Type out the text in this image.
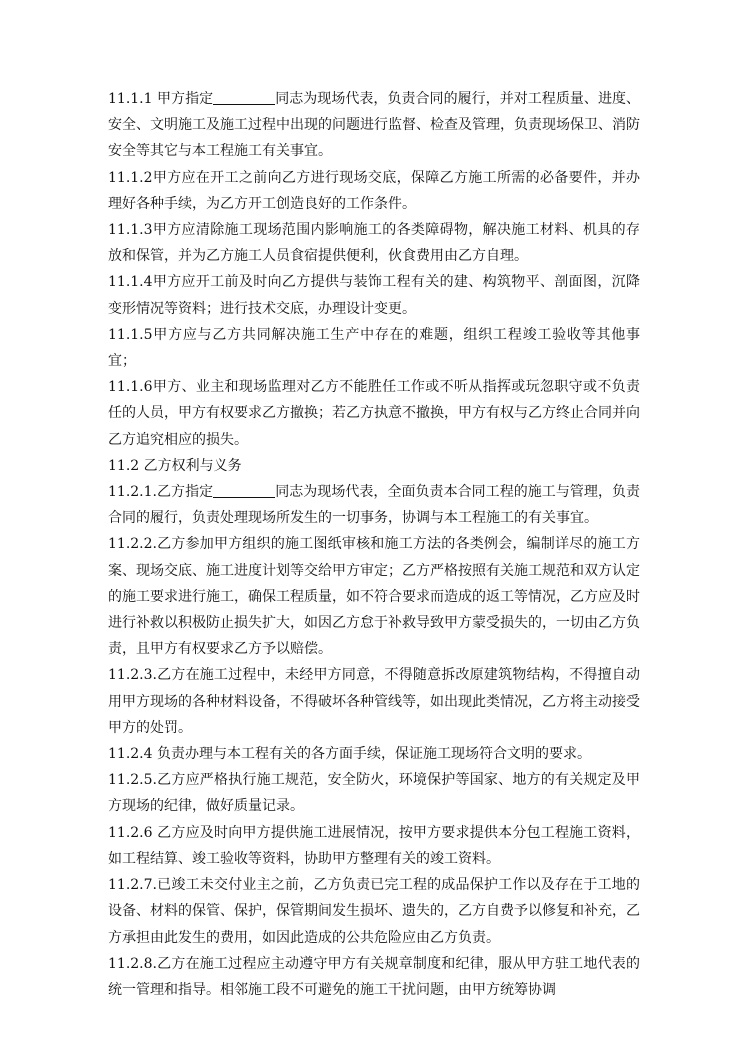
11.1.1 甲方指定	同志为现场代表，负责合同的履行，并对工程质量、进度、安全、文明施工及施工过程中出现的问题进行监督、检查及管理，负责现场保卫、消防安全等其它与本工程施工有关事宜。

11.1.2甲方应在开工之前向乙方进行现场交底，保障乙方施工所需的必备要件，并办理好各种手续，为乙方开工创造良好的工作条件。

11.1.3甲方应清除施工现场范围内影响施工的各类障碍物，解决施工材料、机具的存放和保管，并为乙方施工人员食宿提供便利，伙食费用由乙方自理。

11.1.4甲方应开工前及时向乙方提供与装饰工程有关的建、构筑物平、剖面图，沉降变形情况等资料；进行技术交底，办理设计变更。

11.1.5甲方应与乙方共同解决施工生产中存在的难题，组织工程竣工验收等其他事宜；

11.1.6甲方、业主和现场监理对乙方不能胜任工作或不听从指挥或玩忽职守或不负责任的人员，甲方有权要求乙方撤换；若乙方执意不撤换，甲方有权与乙方终止合同并向乙方追究相应的损失。

11.2 乙方权利与义务

11.2.1.乙方指定	同志为现场代表，全面负责本合同工程的施工与管理，负责合同的履行，负责处理现场所发生的一切事务，协调与本工程施工的有关事宜。

11.2.2.乙方参加甲方组织的施工图纸审核和施工方法的各类例会，编制详尽的施工方案、现场交底、施工进度计划等交给甲方审定；乙方严格按照有关施工规范和双方认定的施工要求进行施工，确保工程质量，如不符合要求而造成的返工等情况，乙方应及时进行补救以积极防止损失扩大，如因乙方怠于补救导致甲方蒙受损失的，一切由乙方负责，且甲方有权要求乙方予以赔偿。

11.2.3.乙方在施工过程中，未经甲方同意，不得随意拆改原建筑物结构，不得擅自动用甲方现场的各种材料设备，不得破坏各种管线等，如出现此类情况，乙方将主动接受甲方的处罚。

11.2.4 负责办理与本工程有关的各方面手续，保证施工现场符合文明的要求。

11.2.5.乙方应严格执行施工规范，安全防火，环境保护等国家、地方的有关规定及甲方现场的纪律，做好质量记录。

11.2.6 乙方应及时向甲方提供施工进展情况，按甲方要求提供本分包工程施工资料，如工程结算、竣工验收等资料，协助甲方整理有关的竣工资料。

11.2.7.已竣工未交付业主之前，乙方负责已完工程的成品保护工作以及存在于工地的设备、材料的保管、保护，保管期间发生损坏、遗失的，乙方自费予以修复和补充，乙方承担由此发生的费用，如因此造成的公共危险应由乙方负责。

11.2.8.乙方在施工过程应主动遵守甲方有关规章制度和纪律，服从甲方驻工地代表的统一管理和指导。相邻施工段不可避免的施工干扰问题，由甲方统筹协调
